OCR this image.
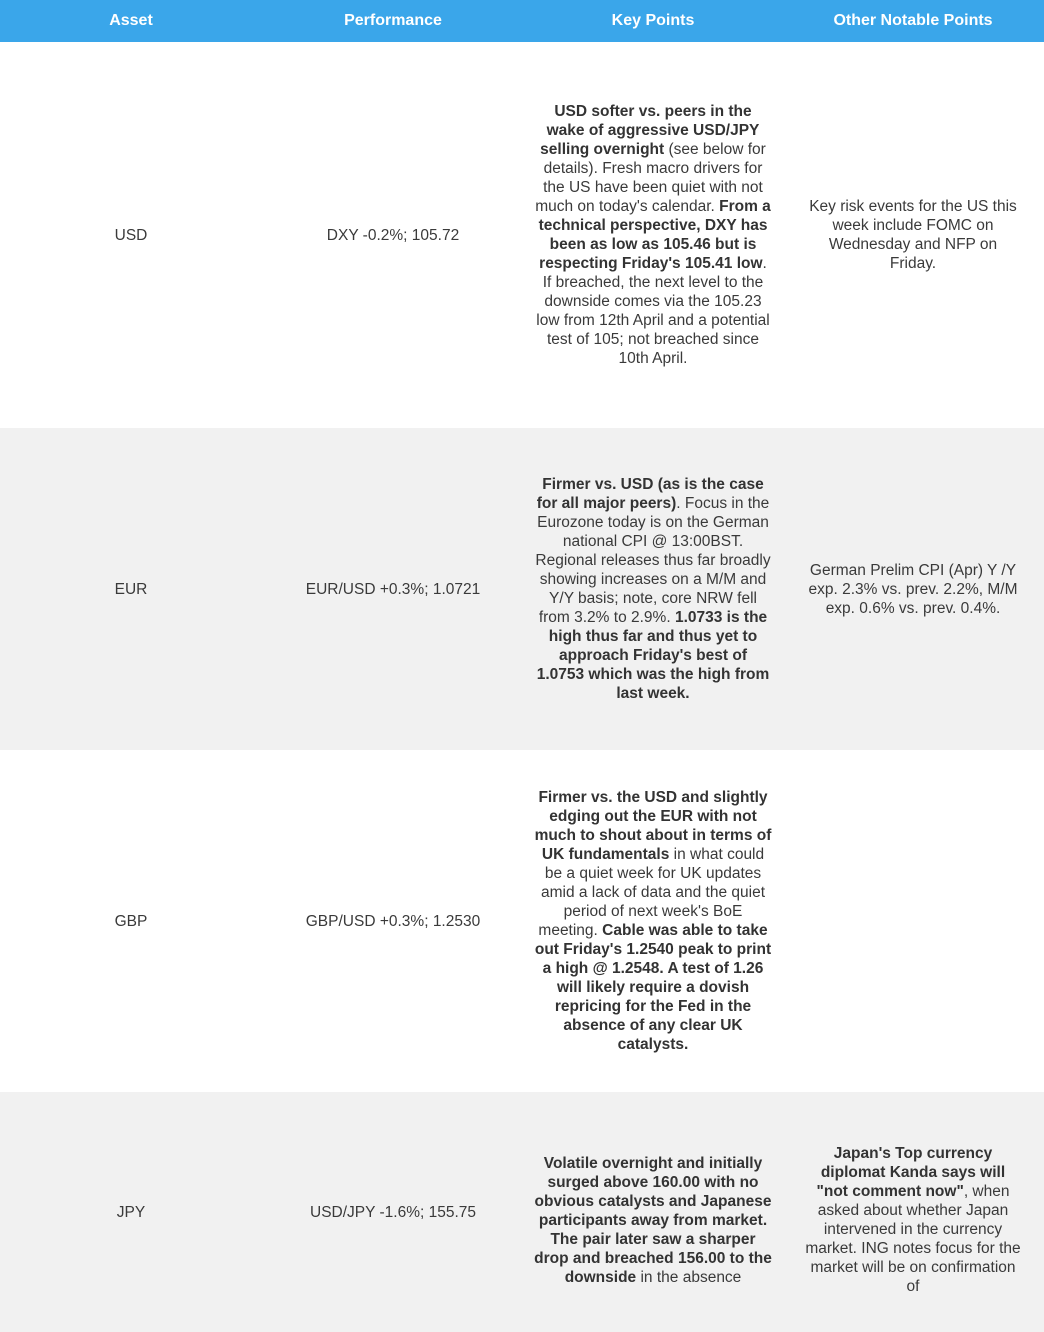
Asset	Performance	Key Points	Other Notable Points

USD	DXY -0.2%; 105.72	USD softer vs. peers in the wake of aggressive USD/JPY selling overnight (see below for details). Fresh macro drivers for the US have been quiet with not much on today's calendar. From a technical perspective, DXY has been as low as 105.46 but is respecting Friday's 105.41 low. If breached, the next level to the downside comes via the 105.23 low from 12th April and a potential test of 105; not breached since 10th April.	Key risk events for the US this week include FOMC on Wednesday and NFP on Friday.

EUR	EUR/USD +0.3%; 1.0721	Firmer vs. USD (as is the case for all major peers). Focus in the Eurozone today is on the German national CPI @ 13:00BST. Regional releases thus far broadly showing increases on a M/M and Y/Y basis; note, core NRW fell from 3.2% to 2.9%. 1.0733 is the high thus far and thus yet to approach Friday's best of 1.0753 which was the high from last week.	German Prelim CPI (Apr) Y /Y exp. 2.3% vs. prev. 2.2%, M/M exp. 0.6% vs. prev. 0.4%.

GBP	GBP/USD +0.3%; 1.2530	Firmer vs. the USD and slightly edging out the EUR with not much to shout about in terms of UK fundamentals in what could be a quiet week for UK updates amid a lack of data and the quiet period of next week's BoE meeting. Cable was able to take out Friday's 1.2540 peak to print a high @ 1.2548. A test of 1.26 will likely require a dovish repricing for the Fed in the absence of any clear UK catalysts.	

JPY	USD/JPY -1.6%; 155.75	Volatile overnight and initially surged above 160.00 with no obvious catalysts and Japanese participants away from market. The pair later saw a sharper drop and breached 156.00 to the downside in the absence	Japan's Top currency diplomat Kanda says will "not comment now", when asked about whether Japan intervened in the currency market. ING notes focus for the market will be on confirmation of
